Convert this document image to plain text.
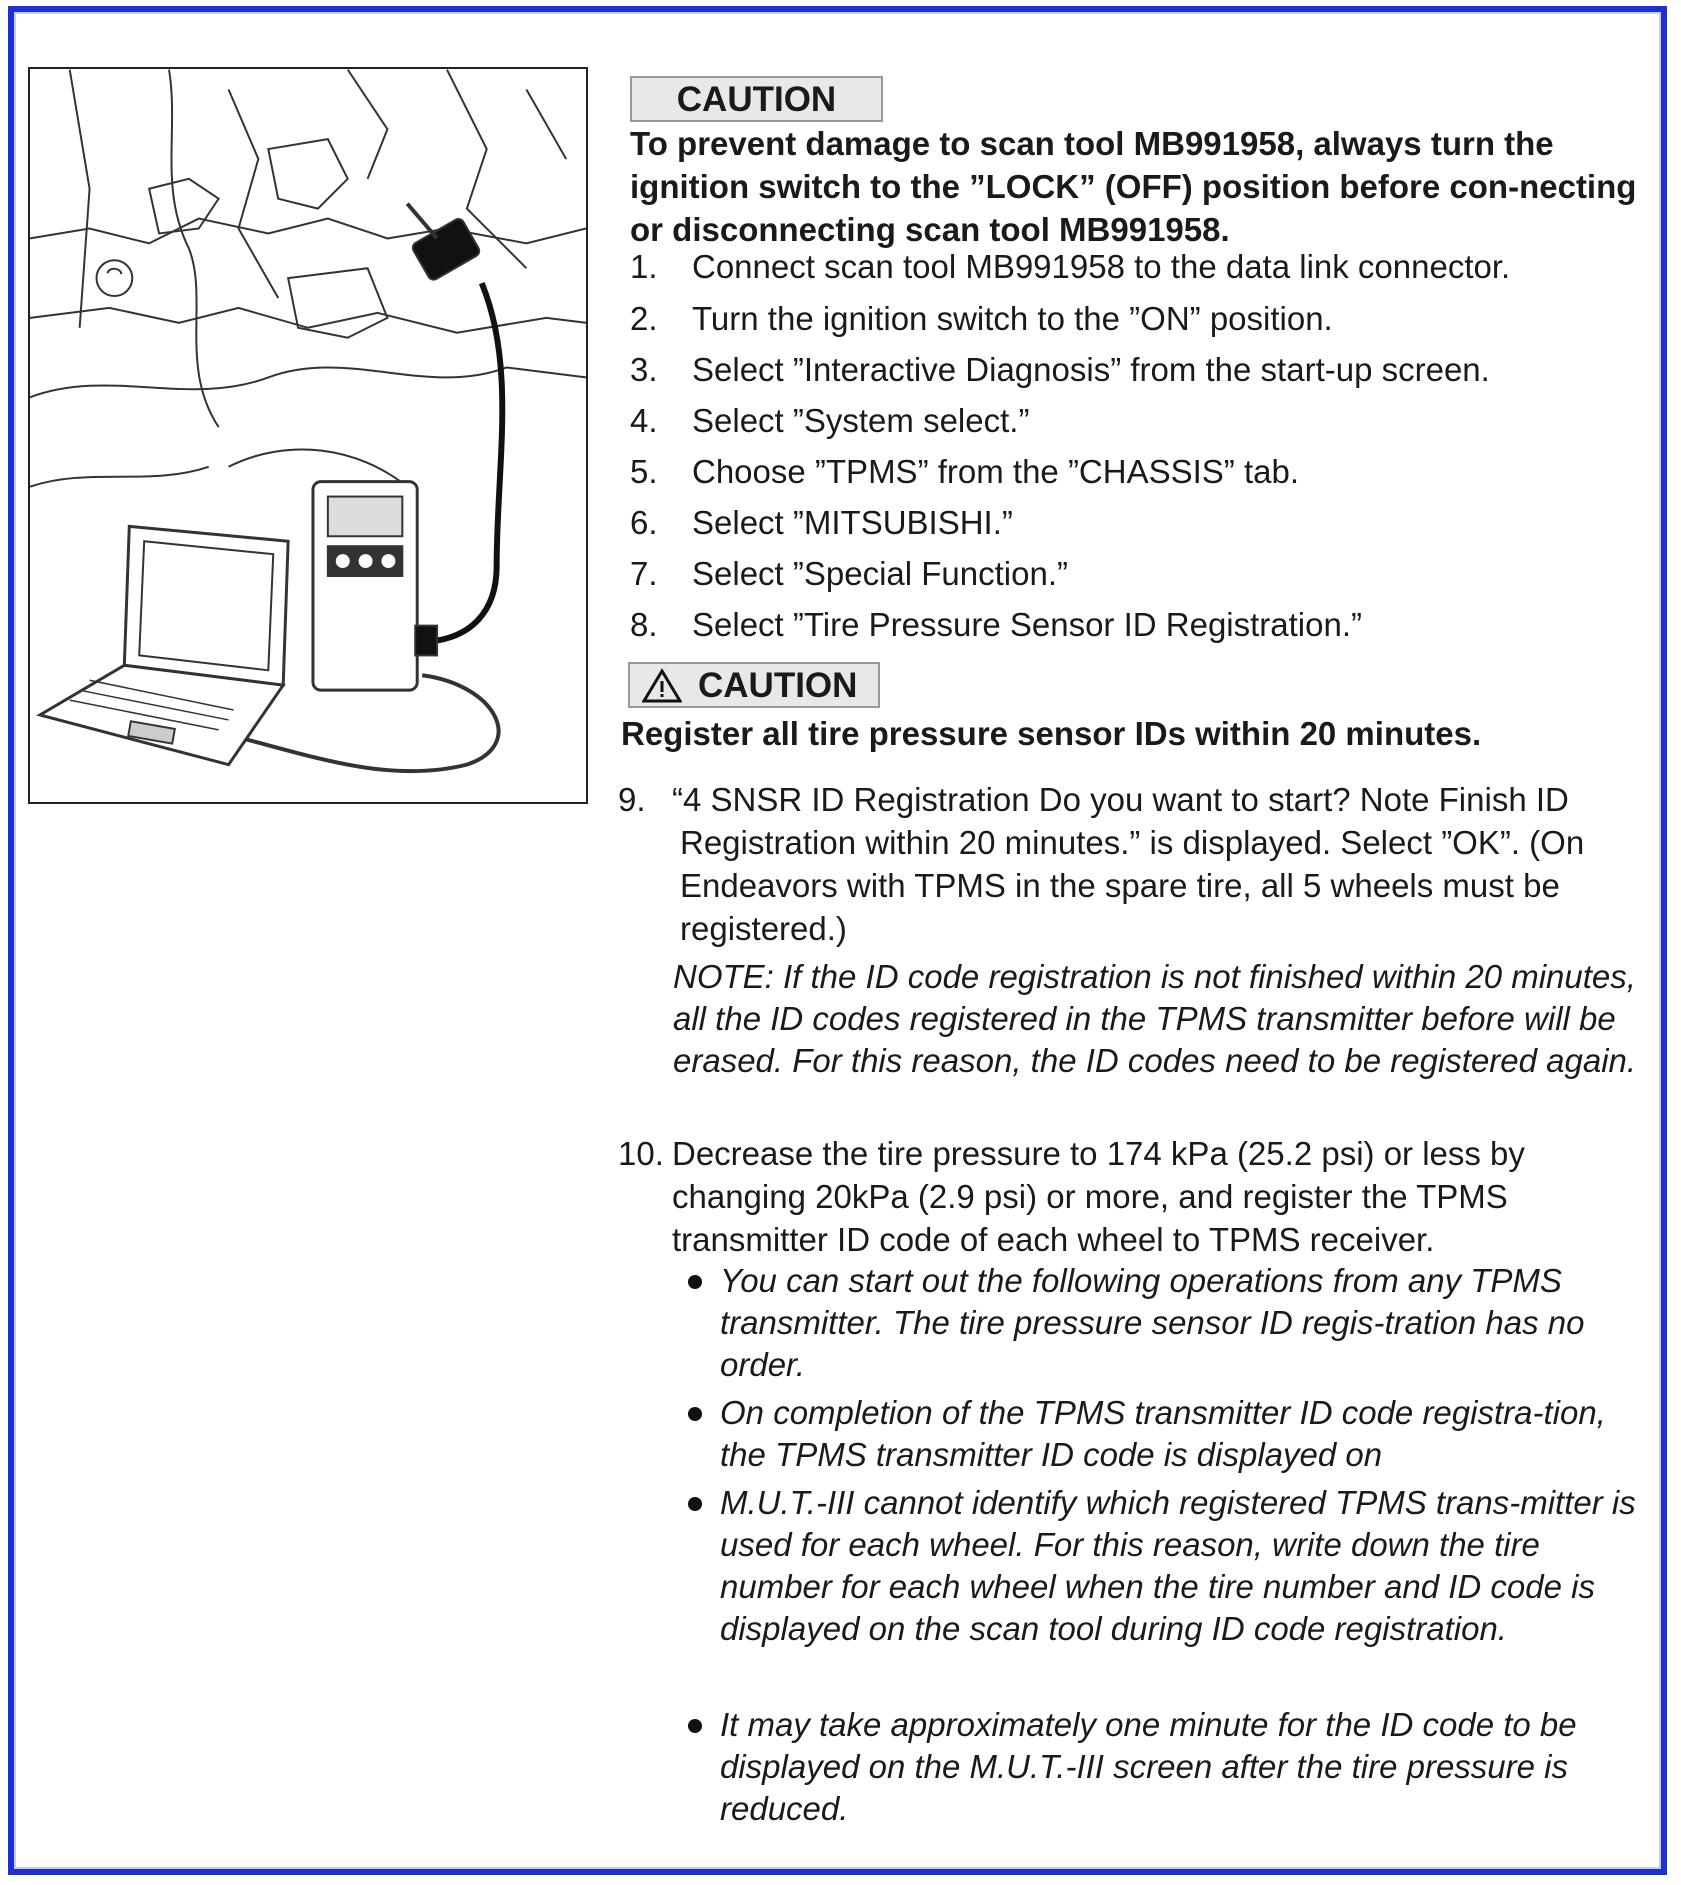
CAUTION
To prevent damage to scan tool MB991958, always turn the ignition switch to the ”LOCK” (OFF) position before con-necting or disconnecting scan tool MB991958.
1. Connect scan tool MB991958 to the data link connector.
2. Turn the ignition switch to the ”ON” position.
3. Select ”Interactive Diagnosis” from the start-up screen.
4. Select ”System select.”
5. Choose ”TPMS” from the ”CHASSIS” tab.
6. Select ”MITSUBISHI.”
7. Select ”Special Function.”
8. Select ”Tire Pressure Sensor ID Registration.”
CAUTION
Register all tire pressure sensor IDs within 20 minutes.
9. “4 SNSR ID Registration Do you want to start? Note Finish ID Registration within 20 minutes.” is displayed. Select ”OK”. (On Endeavors with TPMS in the spare tire, all 5 wheels must be registered.)
NOTE: If the ID code registration is not finished within 20 minutes, all the ID codes registered in the TPMS transmitter before will be erased. For this reason, the ID codes need to be registered again.
10. Decrease the tire pressure to 174 kPa (25.2 psi) or less by changing 20kPa (2.9 psi) or more, and register the TPMS transmitter ID code of each wheel to TPMS receiver.
You can start out the following operations from any TPMS transmitter. The tire pressure sensor ID regis-tration has no order.
On completion of the TPMS transmitter ID code registra-tion, the TPMS transmitter ID code is displayed on
M.U.T.-III cannot identify which registered TPMS trans-mitter is used for each wheel. For this reason, write down the tire number for each wheel when the tire number and ID code is displayed on the scan tool during ID code registration.
It may take approximately one minute for the ID code to be displayed on the M.U.T.-III screen after the tire pressure is reduced.
